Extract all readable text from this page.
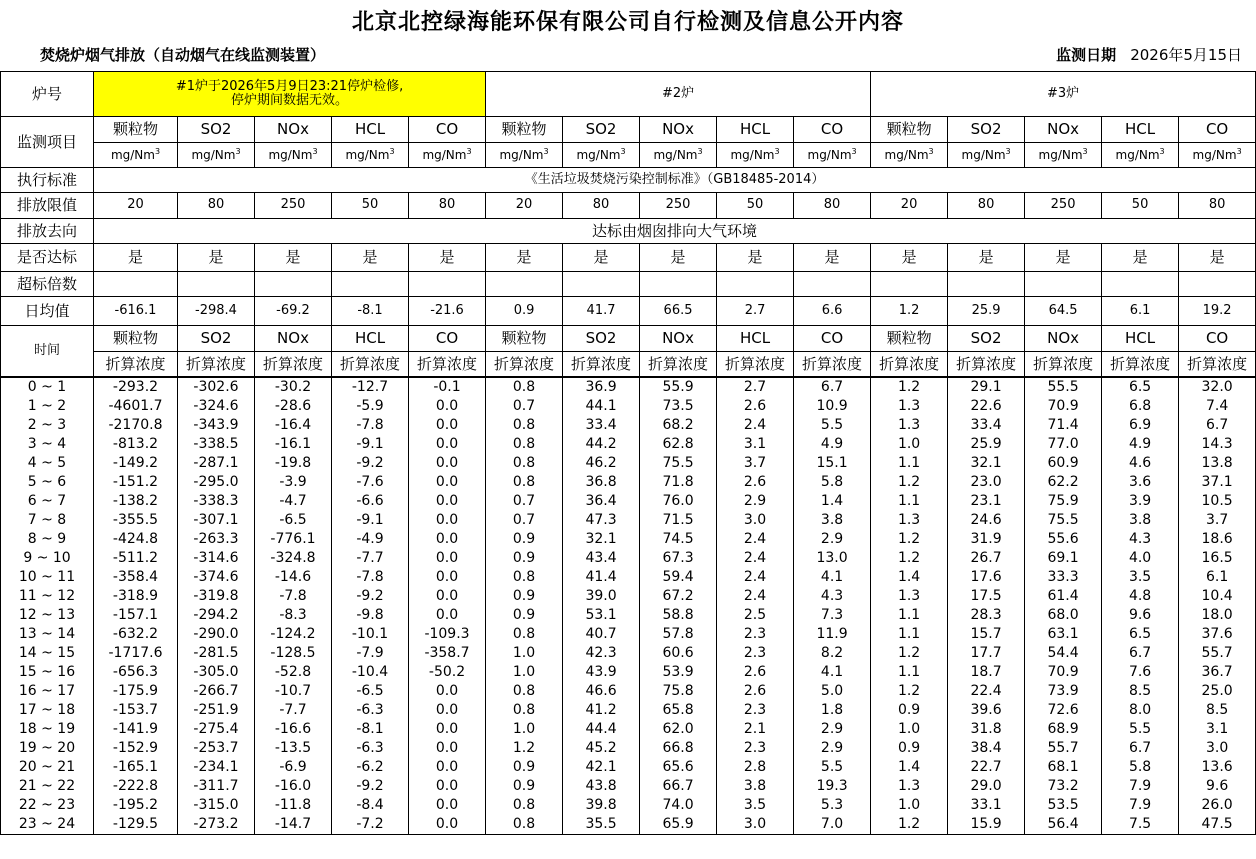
北京北控绿海能环保有限公司自行检测及信息公开内容
焚烧炉烟气排放（自动烟气在线监测装置）	监测日期 2026年5月15日
炉号	#1炉于2026年5月9日23:21停炉检修,
停炉期间数据无效。					#2炉					#3炉				
监测项目	颗粒物	SO2	NOx	HCL	CO	颗粒物	SO2	NOx	HCL	CO	颗粒物	SO2	NOx	HCL	CO
	mg/Nm$^3$	mg/Nm$^3$	mg/Nm$^3$	mg/Nm$^3$	mg/Nm$^3$	mg/Nm$^3$	mg/Nm$^3$	mg/Nm$^3$	mg/Nm$^3$	mg/Nm$^3$	mg/Nm$^3$	mg/Nm$^3$	mg/Nm$^3$	mg/Nm$^3$	mg/Nm$^3$
执行标准	《生活垃圾焚烧污染控制标准》（GB18485-2014）														
排放限值	20	80	250	50	80	20	80	250	50	80	20	80	250	50	80
排放去向	达标由烟囱排向大气环境														
是否达标	是	是	是	是	是	是	是	是	是	是	是	是	是	是	是
超标倍数															
日均值	-616.1	-298.4	-69.2	-8.1	-21.6	0.9	41.7	66.5	2.7	6.6	1.2	25.9	64.5	6.1	19.2
时间	颗粒物	SO2	NOx	HCL	CO	颗粒物	SO2	NOx	HCL	CO	颗粒物	SO2	NOx	HCL	CO
	折算浓度	折算浓度	折算浓度	折算浓度	折算浓度	折算浓度	折算浓度	折算浓度	折算浓度	折算浓度	折算浓度	折算浓度	折算浓度	折算浓度	折算浓度
0 ~ 1	-293.2	-302.6	-30.2	-12.7	-0.1	0.8	36.9	55.9	2.7	6.7	1.2	29.1	55.5	6.5	32.0
1 ~ 2	-4601.7	-324.6	-28.6	-5.9	0.0	0.7	44.1	73.5	2.6	10.9	1.3	22.6	70.9	6.8	7.4
2 ~ 3	-2170.8	-343.9	-16.4	-7.8	0.0	0.8	33.4	68.2	2.4	5.5	1.3	33.4	71.4	6.9	6.7
3 ~ 4	-813.2	-338.5	-16.1	-9.1	0.0	0.8	44.2	62.8	3.1	4.9	1.0	25.9	77.0	4.9	14.3
4 ~ 5	-149.2	-287.1	-19.8	-9.2	0.0	0.8	46.2	75.5	3.7	15.1	1.1	32.1	60.9	4.6	13.8
5 ~ 6	-151.2	-295.0	-3.9	-7.6	0.0	0.8	36.8	71.8	2.6	5.8	1.2	23.0	62.2	3.6	37.1
6 ~ 7	-138.2	-338.3	-4.7	-6.6	0.0	0.7	36.4	76.0	2.9	1.4	1.1	23.1	75.9	3.9	10.5
7 ~ 8	-355.5	-307.1	-6.5	-9.1	0.0	0.7	47.3	71.5	3.0	3.8	1.3	24.6	75.5	3.8	3.7
8 ~ 9	-424.8	-263.3	-776.1	-4.9	0.0	0.9	32.1	74.5	2.4	2.9	1.2	31.9	55.6	4.3	18.6
9 ~ 10	-511.2	-314.6	-324.8	-7.7	0.0	0.9	43.4	67.3	2.4	13.0	1.2	26.7	69.1	4.0	16.5
10 ~ 11	-358.4	-374.6	-14.6	-7.8	0.0	0.8	41.4	59.4	2.4	4.1	1.4	17.6	33.3	3.5	6.1
11 ~ 12	-318.9	-319.8	-7.8	-9.2	0.0	0.9	39.0	67.2	2.4	4.3	1.3	17.5	61.4	4.8	10.4
12 ~ 13	-157.1	-294.2	-8.3	-9.8	0.0	0.9	53.1	58.8	2.5	7.3	1.1	28.3	68.0	9.6	18.0
13 ~ 14	-632.2	-290.0	-124.2	-10.1	-109.3	0.8	40.7	57.8	2.3	11.9	1.1	15.7	63.1	6.5	37.6
14 ~ 15	-1717.6	-281.5	-128.5	-7.9	-358.7	1.0	42.3	60.6	2.3	8.2	1.2	17.7	54.4	6.7	55.7
15 ~ 16	-656.3	-305.0	-52.8	-10.4	-50.2	1.0	43.9	53.9	2.6	4.1	1.1	18.7	70.9	7.6	36.7
16 ~ 17	-175.9	-266.7	-10.7	-6.5	0.0	0.8	46.6	75.8	2.6	5.0	1.2	22.4	73.9	8.5	25.0
17 ~ 18	-153.7	-251.9	-7.7	-6.3	0.0	0.8	41.2	65.8	2.3	1.8	0.9	39.6	72.6	8.0	8.5
18 ~ 19	-141.9	-275.4	-16.6	-8.1	0.0	1.0	44.4	62.0	2.1	2.9	1.0	31.8	68.9	5.5	3.1
19 ~ 20	-152.9	-253.7	-13.5	-6.3	0.0	1.2	45.2	66.8	2.3	2.9	0.9	38.4	55.7	6.7	3.0
20 ~ 21	-165.1	-234.1	-6.9	-6.2	0.0	0.9	42.1	65.6	2.8	5.5	1.4	22.7	68.1	5.8	13.6
21 ~ 22	-222.8	-311.7	-16.0	-9.2	0.0	0.9	43.8	66.7	3.8	19.3	1.3	29.0	73.2	7.9	9.6
22 ~ 23	-195.2	-315.0	-11.8	-8.4	0.0	0.8	39.8	74.0	3.5	5.3	1.0	33.1	53.5	7.9	26.0
23 ~ 24	-129.5	-273.2	-14.7	-7.2	0.0	0.8	35.5	65.9	3.0	7.0	1.2	15.9	56.4	7.5	47.5
